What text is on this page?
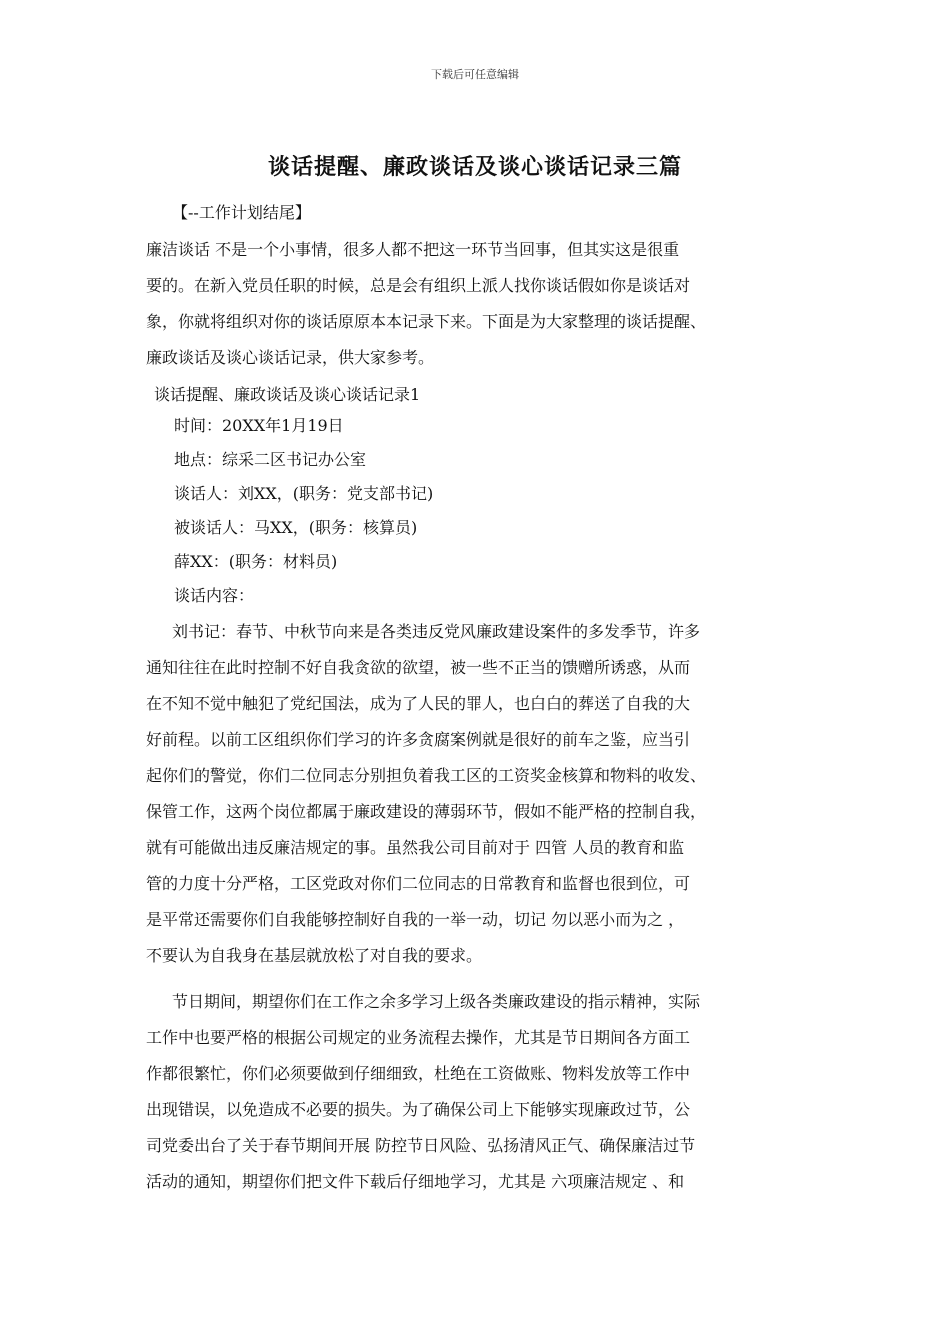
下载后可任意编辑
谈话提醒、廉政谈话及谈心谈话记录三篇
【--工作计划结尾】
廉洁谈话 不是一个小事情，很多人都不把这一环节当回事，但其实这是很重
要的。在新入党员任职的时候，总是会有组织上派人找你谈话假如你是谈话对
象，你就将组织对你的谈话原原本本记录下来。下面是为大家整理的谈话提醒、
廉政谈话及谈心谈话记录，供大家参考。
谈话提醒、廉政谈话及谈心谈话记录1
时间：20XX年1月19日
地点：综采二区书记办公室
谈话人：刘XX，(职务：党支部书记)
被谈话人：马XX，(职务：核算员)
薛XX：(职务：材料员)
谈话内容：
刘书记：春节、中秋节向来是各类违反党风廉政建设案件的多发季节，许多
通知往往在此时控制不好自我贪欲的欲望，被一些不正当的馈赠所诱惑，从而
在不知不觉中触犯了党纪国法，成为了人民的罪人，也白白的葬送了自我的大
好前程。以前工区组织你们学习的许多贪腐案例就是很好的前车之鉴，应当引
起你们的警觉，你们二位同志分别担负着我工区的工资奖金核算和物料的收发、
保管工作，这两个岗位都属于廉政建设的薄弱环节，假如不能严格的控制自我，
就有可能做出违反廉洁规定的事。虽然我公司目前对于 四管 人员的教育和监
管的力度十分严格，工区党政对你们二位同志的日常教育和监督也很到位，可
是平常还需要你们自我能够控制好自我的一举一动，切记 勿以恶小而为之 ，
不要认为自我身在基层就放松了对自我的要求。
节日期间，期望你们在工作之余多学习上级各类廉政建设的指示精神，实际
工作中也要严格的根据公司规定的业务流程去操作，尤其是节日期间各方面工
作都很繁忙，你们必须要做到仔细细致，杜绝在工资做账、物料发放等工作中
出现错误，以免造成不必要的损失。为了确保公司上下能够实现廉政过节，公
司党委出台了关于春节期间开展 防控节日风险、弘扬清风正气、确保廉洁过节
活动的通知，期望你们把文件下载后仔细地学习，尤其是 六项廉洁规定 、和
